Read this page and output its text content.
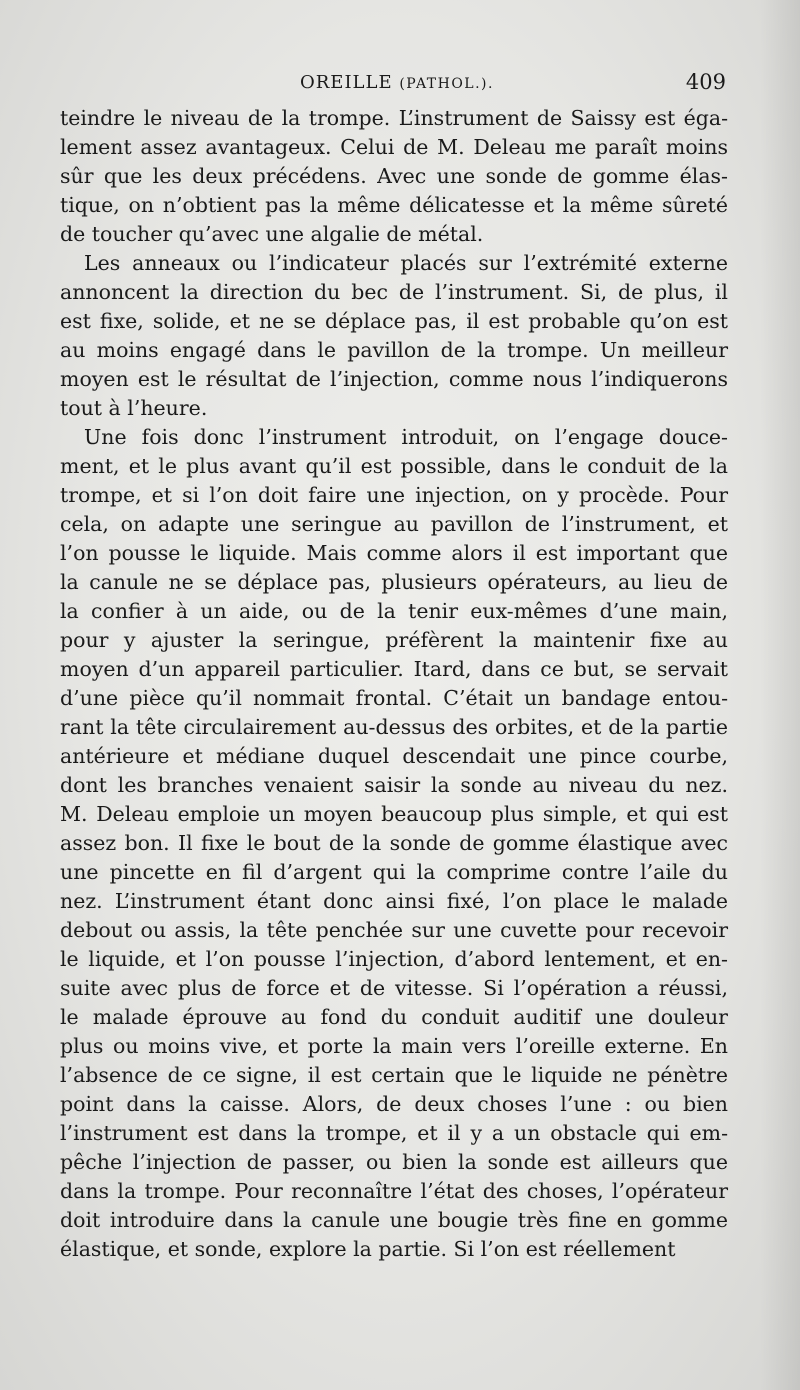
OREILLE (PATHOL.).	409
teindre le niveau de la trompe. L’instrument de Saissy est éga-
lement assez avantageux. Celui de M. Deleau me paraît moins
sûr que les deux précédens. Avec une sonde de gomme élas-
tique, on n’obtient pas la même délicatesse et la même sûreté
de toucher qu’avec une algalie de métal.
Les anneaux ou l’indicateur placés sur l’extrémité externe
annoncent la direction du bec de l’instrument. Si, de plus, il
est fixe, solide, et ne se déplace pas, il est probable qu’on est
au moins engagé dans le pavillon de la trompe. Un meilleur
moyen est le résultat de l’injection, comme nous l’indiquerons
tout à l’heure.
Une fois donc l’instrument introduit, on l’engage douce-
ment, et le plus avant qu’il est possible, dans le conduit de la
trompe, et si l’on doit faire une injection, on y procède. Pour
cela, on adapte une seringue au pavillon de l’instrument, et
l’on pousse le liquide. Mais comme alors il est important que
la canule ne se déplace pas, plusieurs opérateurs, au lieu de
la confier à un aide, ou de la tenir eux-mêmes d’une main,
pour y ajuster la seringue, préfèrent la maintenir fixe au
moyen d’un appareil particulier. Itard, dans ce but, se servait
d’une pièce qu’il nommait frontal. C’était un bandage entou-
rant la tête circulairement au-dessus des orbites, et de la partie
antérieure et médiane duquel descendait une pince courbe,
dont les branches venaient saisir la sonde au niveau du nez.
M. Deleau emploie un moyen beaucoup plus simple, et qui est
assez bon. Il fixe le bout de la sonde de gomme élastique avec
une pincette en fil d’argent qui la comprime contre l’aile du
nez. L’instrument étant donc ainsi fixé, l’on place le malade
debout ou assis, la tête penchée sur une cuvette pour recevoir
le liquide, et l’on pousse l’injection, d’abord lentement, et en-
suite avec plus de force et de vitesse. Si l’opération a réussi,
le malade éprouve au fond du conduit auditif une douleur
plus ou moins vive, et porte la main vers l’oreille externe. En
l’absence de ce signe, il est certain que le liquide ne pénètre
point dans la caisse. Alors, de deux choses l’une : ou bien
l’instrument est dans la trompe, et il y a un obstacle qui em-
pêche l’injection de passer, ou bien la sonde est ailleurs que
dans la trompe. Pour reconnaître l’état des choses, l’opérateur
doit introduire dans la canule une bougie très fine en gomme
élastique, et sonde, explore la partie. Si l’on est réellement
